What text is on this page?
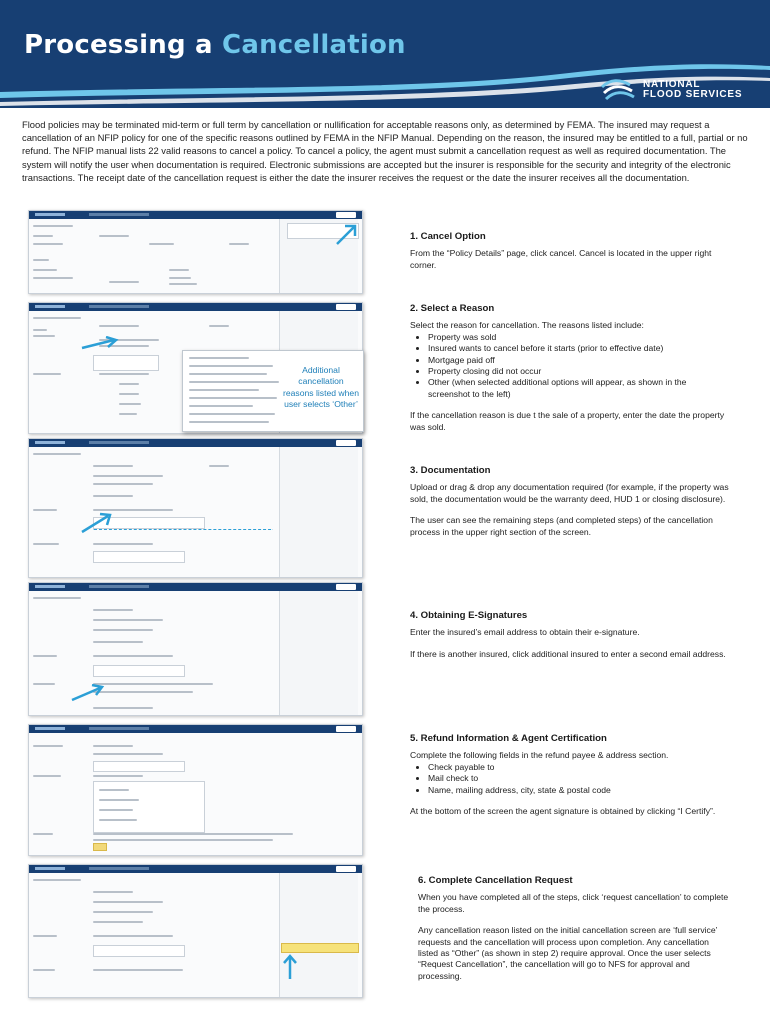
Processing a Cancellation
NATIONAL
FLOOD SERVICES
Flood policies may be terminated mid-term or full term by cancellation or nullification for acceptable reasons only, as determined by FEMA. The insured may request a cancellation of an NFIP policy for one of the specific reasons outlined by FEMA in the NFIP Manual. Depending on the reason, the insured may be entitled to a full, partial or no refund. The NFIP manual lists 22 valid reasons to cancel a policy. To cancel a policy, the agent must submit a cancellation request as well as required documentation. The system will notify the user when documentation is required. Electronic submissions are accepted but the insurer is responsible for the security and integrity of the electronic transactions. The receipt date of the cancellation request is either the date the insurer receives the request or the date the insurer receives all the documentation.
Additional cancellation reasons listed when user selects ‘Other’
1. Cancel Option

From the “Policy Details” page, click cancel. Cancel is located in the upper right corner.

2. Select a Reason

Select the reason for cancellation. The reasons listed include:

• Property was sold
• Insured wants to cancel before it starts (prior to effective date)
• Mortgage paid off
• Property closing did not occur
• Other (when selected additional options will appear, as shown in the screenshot to the left)

If the cancellation reason is due t the sale of a property, enter the date the property was sold.

3. Documentation

Upload or drag & drop any documentation required (for example, if the property was sold, the documentation would be the warranty deed, HUD 1 or closing disclosure).

The user can see the remaining steps (and completed steps) of the cancellation process in the upper right section of the screen.

4. Obtaining E-Signatures

Enter the insured’s email address to obtain their e-signature.

If there is another insured, click additional insured to enter a second email address.

5. Refund Information & Agent Certification

Complete the following fields in the refund payee & address section.

• Check payable to
• Mail check to
• Name, mailing address, city, state & postal code

At the bottom of the screen the agent signature is obtained by clicking “I Certify”.

6. Complete Cancellation Request

When you have completed all of the steps, click ‘request cancellation’ to complete the process.

Any cancellation reason listed on the initial cancellation screen are ‘full service’ requests and the cancellation will process upon completion. Any cancellation listed as “Other” (as shown in step 2) require approval. Once the user selects “Request Cancellation”, the cancellation will go to NFS for approval and processing.
